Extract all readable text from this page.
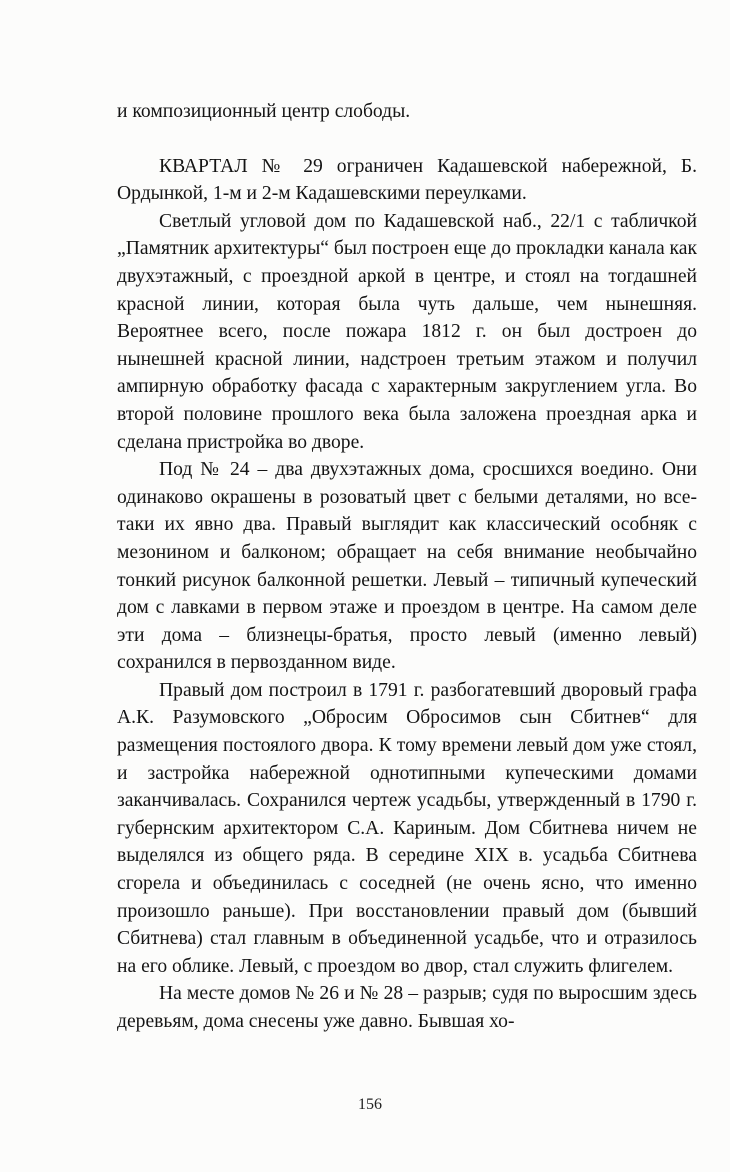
и композиционный центр слободы.

КВАРТАЛ № 29 ограничен Кадашевской набережной, Б. Ордынкой, 1-м и 2-м Кадашевскими переулками.

Светлый угловой дом по Кадашевской наб., 22/1 с табличкой „Памятник архитектуры“ был построен еще до прокладки канала как двухэтажный, с проездной аркой в центре, и стоял на тогдашней красной линии, которая была чуть дальше, чем нынешняя. Вероятнее всего, после пожара 1812 г. он был достроен до нынешней красной линии, надстроен третьим этажом и получил ампирную обработку фасада с характерным закруглением угла. Во второй половине прошлого века была заложена проездная арка и сделана пристройка во дворе.

Под № 24 – два двухэтажных дома, сросшихся воедино. Они одинаково окрашены в розоватый цвет с белыми деталями, но все-таки их явно два. Правый выглядит как классический особняк с мезонином и балконом; обращает на себя внимание необычайно тонкий рисунок балконной решетки. Левый – типичный купеческий дом с лавками в первом этаже и проездом в центре. На самом деле эти дома – близнецы-братья, просто левый (именно левый) сохранился в первозданном виде.

Правый дом построил в 1791 г. разбогатевший дворовый графа А.К. Разумовского „Обросим Обросимов сын Сбитнев“ для размещения постоялого двора. К тому времени левый дом уже стоял, и застройка набережной однотипными купеческими домами заканчивалась. Сохранился чертеж усадьбы, утвержденный в 1790 г. губернским архитектором С.А. Кариным. Дом Сбитнева ничем не выделялся из общего ряда. В середине XIX в. усадьба Сбитнева сгорела и объединилась с соседней (не очень ясно, что именно произошло раньше). При восстановлении правый дом (бывший Сбитнева) стал главным в объединенной усадьбе, что и отразилось на его облике. Левый, с проездом во двор, стал служить флигелем.

На месте домов № 26 и № 28 – разрыв; судя по выросшим здесь деревьям, дома снесены уже давно. Бывшая хо-

156
